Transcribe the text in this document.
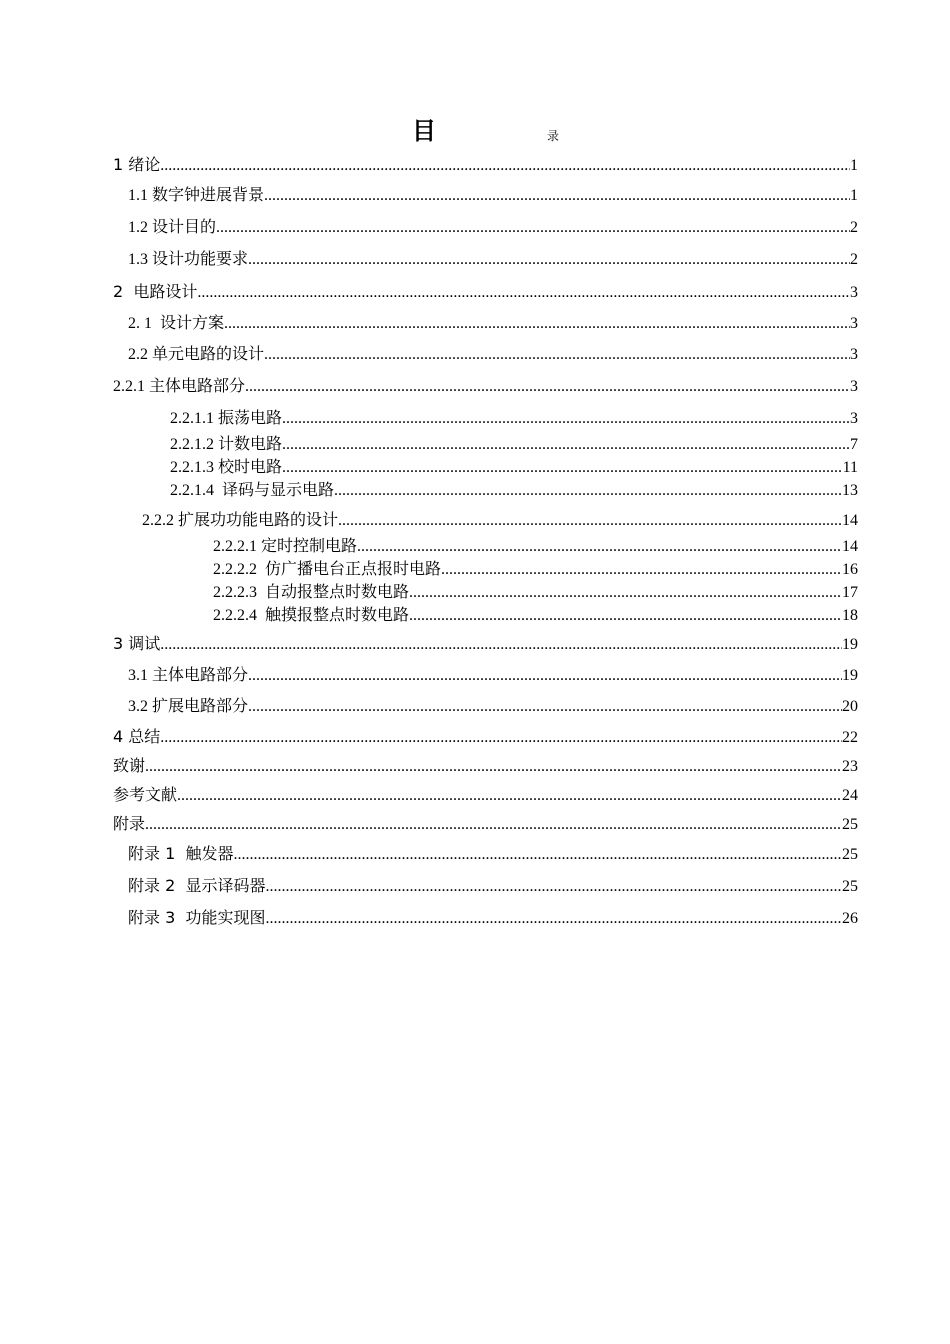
目	录
1 绪论 .....	1
1.1 数字钟进展背景 .....	1
1.2 设计目的 .....	2
1.3 设计功能要求 .....	2
2  电路设计 .....	3
2. 1  设计方案 .....	3
2.2 单元电路的设计 .....	3
2.2.1 主体电路部分 .....	3
2.2.1.1 振荡电路 .....	3
2.2.1.2 计数电路 .....	7
2.2.1.3 校时电路 .....	11
2.2.1.4  译码与显示电路 .....	13
2.2.2 扩展功功能电路的设计 .....	14
2.2.2.1 定时控制电路 .....	14
2.2.2.2  仿广播电台正点报时电路 .....	16
2.2.2.3  自动报整点时数电路 .....	17
2.2.2.4  触摸报整点时数电路 .....	18
3 调试 .....	19
3.1 主体电路部分 .....	19
3.2 扩展电路部分 .....	20
4 总结 .....	22
致谢 .....	23
参考文献 .....	24
附录 .....	25
附录 1  触发器 .....	25
附录 2  显示译码器 .....	25
附录 3  功能实现图 .....	26
